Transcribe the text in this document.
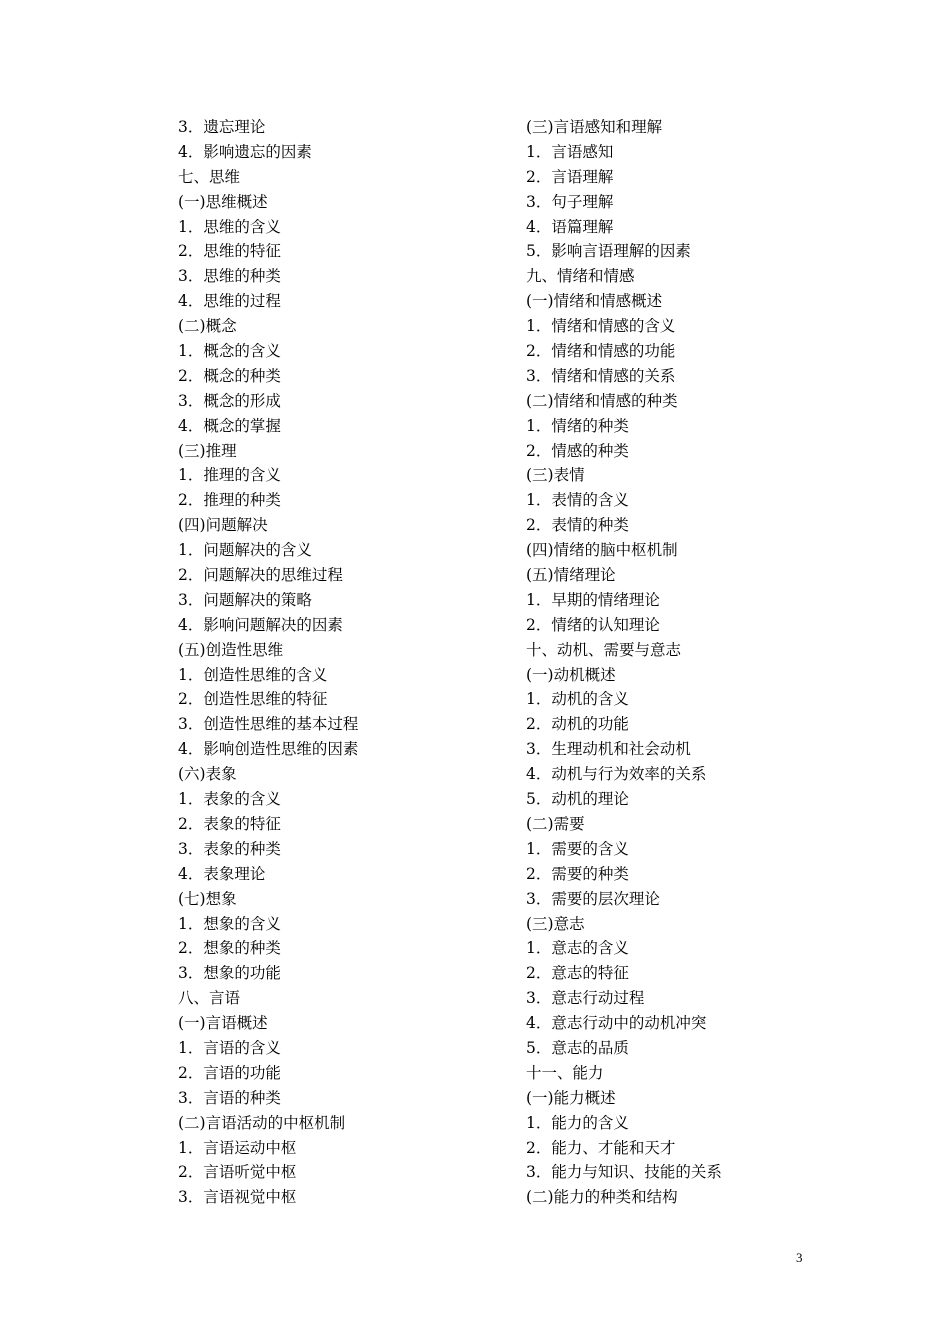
3．遗忘理论
4．影响遗忘的因素
七、思维
(一)思维概述
1．思维的含义
2．思维的特征
3．思维的种类
4．思维的过程
(二)概念
1．概念的含义
2．概念的种类
3．概念的形成
4．概念的掌握
(三)推理
1．推理的含义
2．推理的种类
(四)问题解决
1．问题解决的含义
2．问题解决的思维过程
3．问题解决的策略
4．影响问题解决的因素
(五)创造性思维
1．创造性思维的含义
2．创造性思维的特征
3．创造性思维的基本过程
4．影响创造性思维的因素
(六)表象
1．表象的含义
2．表象的特征
3．表象的种类
4．表象理论
(七)想象
1．想象的含义
2．想象的种类
3．想象的功能
八、言语
(一)言语概述
1．言语的含义
2．言语的功能
3．言语的种类
(二)言语活动的中枢机制
1．言语运动中枢
2．言语听觉中枢
3．言语视觉中枢
(三)言语感知和理解
1．言语感知
2．言语理解
3．句子理解
4．语篇理解
5．影响言语理解的因素
九、情绪和情感
(一)情绪和情感概述
1．情绪和情感的含义
2．情绪和情感的功能
3．情绪和情感的关系
(二)情绪和情感的种类
1．情绪的种类
2．情感的种类
(三)表情
1．表情的含义
2．表情的种类
(四)情绪的脑中枢机制
(五)情绪理论
1．早期的情绪理论
2．情绪的认知理论
十、动机、需要与意志
(一)动机概述
1．动机的含义
2．动机的功能
3．生理动机和社会动机
4．动机与行为效率的关系
5．动机的理论
(二)需要
1．需要的含义
2．需要的种类
3．需要的层次理论
(三)意志
1．意志的含义
2．意志的特征
3．意志行动过程
4．意志行动中的动机冲突
5．意志的品质
十一、能力
(一)能力概述
1．能力的含义
2．能力、才能和天才
3．能力与知识、技能的关系
(二)能力的种类和结构
3
